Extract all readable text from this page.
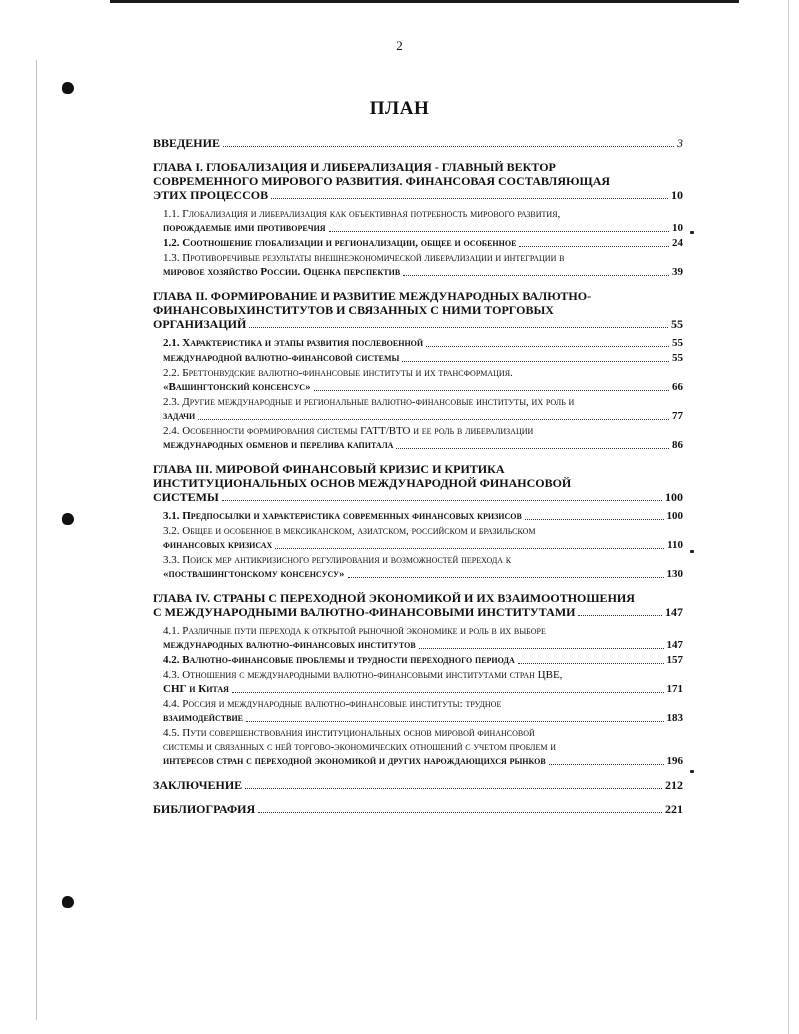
2
ПЛАН
ВВЕДЕНИЕ	3
ГЛАВА I. ГЛОБАЛИЗАЦИЯ И ЛИБЕРАЛИЗАЦИЯ - ГЛАВНЫЙ ВЕКТОР
СОВРЕМЕННОГО МИРОВОГО РАЗВИТИЯ. ФИНАНСОВАЯ СОСТАВЛЯЮЩАЯ
ЭТИХ ПРОЦЕССОВ	10
1.1. Глобализация и либерализация как объективная потребность мирового развития,
порождаемые ими противоречия	10
1.2. Соотношение глобализации и регионализации, общее и особенное	24
1.3. Противоречивые результаты внешнеэкономической либерализации и интеграции в
мировое хозяйство России. Оценка перспектив	39
ГЛАВА II. ФОРМИРОВАНИЕ И РАЗВИТИЕ МЕЖДУНАРОДНЫХ ВАЛЮТНО-
ФИНАНСОВЫХИНСТИТУТОВ И СВЯЗАННЫХ С НИМИ ТОРГОВЫХ
ОРГАНИЗАЦИЙ	55
2.1. Характеристика и этапы развития послевоенной	55
международной валютно-финансовой системы	55
2.2. Бреттонвудские валютно-финансовые институты и их трансформация.
«Вашингтонский консенсус»	66
2.3. Другие международные и региональные валютно-финансовые институты, их роль и
задачи	77
2.4. Особенности формирования системы ГАТТ/ВТО и ее роль в либерализации
международных обменов и перелива капитала	86
ГЛАВА III. МИРОВОЙ ФИНАНСОВЫЙ КРИЗИС И КРИТИКА
ИНСТИТУЦИОНАЛЬНЫХ ОСНОВ МЕЖДУНАРОДНОЙ ФИНАНСОВОЙ
СИСТЕМЫ	100
3.1. Предпосылки и характеристика современных финансовых кризисов	100
3.2. Общее и особенное в мексиканском, азиатском, российском и бразильском
финансовых кризисах	110
3.3. Поиск мер антикризисного регулирования и возможностей перехода к
«поствашингтонскому консенсусу»	130
ГЛАВА IV. СТРАНЫ С ПЕРЕХОДНОЙ ЭКОНОМИКОЙ И ИХ ВЗАИМООТНОШЕНИЯ
С МЕЖДУНАРОДНЫМИ ВАЛЮТНО-ФИНАНСОВЫМИ ИНСТИТУТАМИ	147
4.1. Различные пути перехода к открытой рыночной экономике и роль в их выборе
международных валютно-финансовых институтов	147
4.2. Валютно-финансовые проблемы и трудности переходного периода	157
4.3. Отношения с международными валютно-финансовыми институтами стран ЦВЕ,
СНГ и Китая	171
4.4. Россия и международные валютно-финансовые институты: трудное
взаимодействие	183
4.5. Пути совершенствования институциональных основ мировой финансовой
системы и связанных с ней торгово-экономических отношений с учетом проблем и
интересов стран с переходной экономикой и других нарождающихся рынков	196
ЗАКЛЮЧЕНИЕ	212
БИБЛИОГРАФИЯ	221
